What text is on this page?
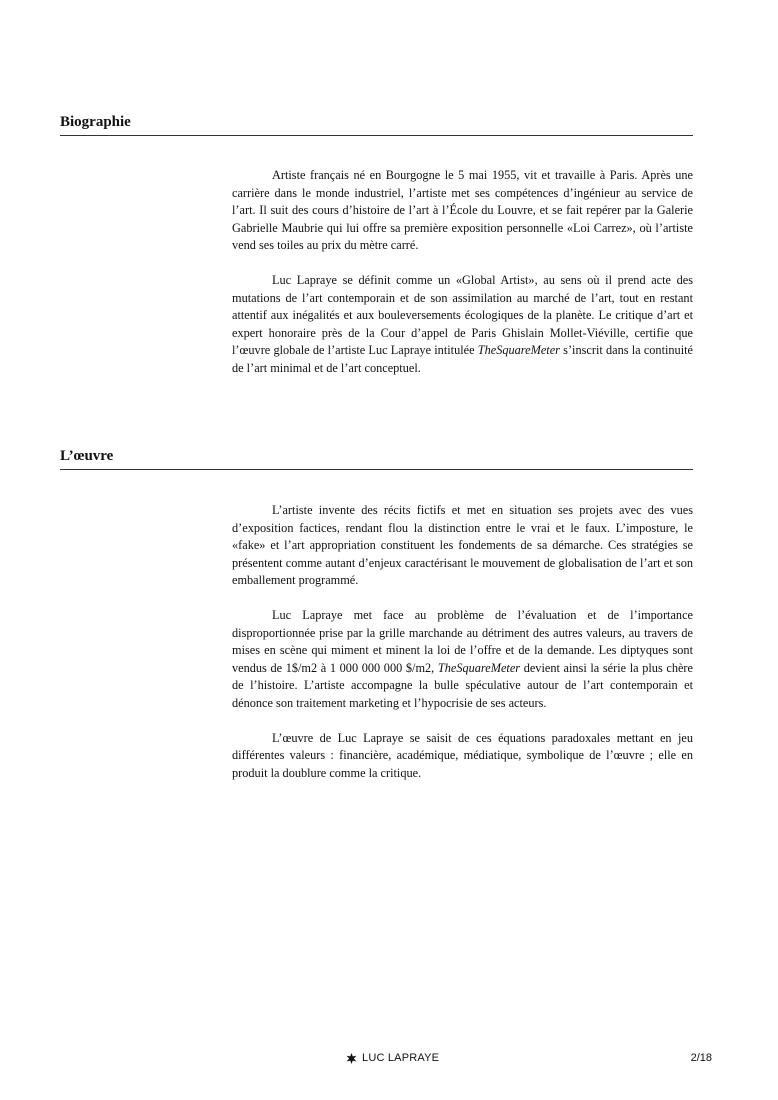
Biographie

Artiste français né en Bourgogne le 5 mai 1955, vit et travaille à Paris. Après une carrière dans le monde industriel, l’artiste met ses compétences d’ingénieur au service de l’art. Il suit des cours d’histoire de l’art à l’École du Louvre, et se fait repérer par la Galerie Gabrielle Maubrie qui lui offre sa première exposition personnelle «Loi Carrez», où l’artiste vend ses toiles au prix du mètre carré.

Luc Lapraye se définit comme un «Global Artist», au sens où il prend acte des mutations de l’art contemporain et de son assimilation au marché de l’art, tout en restant attentif aux inégalités et aux bouleversements écologiques de la planète. Le critique d’art et expert honoraire près de la Cour d’appel de Paris Ghislain Mollet-Viéville, certifie que l’œuvre globale de l’artiste Luc Lapraye intitulée TheSquareMeter s’inscrit dans la continuité de l’art minimal et de l’art conceptuel.

L’œuvre

L’artiste invente des récits fictifs et met en situation ses projets avec des vues d’exposition factices, rendant flou la distinction entre le vrai et le faux. L’imposture, le «fake» et l’art appropriation constituent les fondements de sa démarche. Ces stratégies se présentent comme autant d’enjeux caractérisant le mouvement de globalisation de l’art et son emballement programmé.

Luc Lapraye met face au problème de l’évaluation et de l’importance disproportionnée prise par la grille marchande au détriment des autres valeurs, au travers de mises en scène qui miment et minent la loi de l’offre et de la demande. Les diptyques sont vendus de 1$/m2 à 1 000 000 000 $/m2, TheSquareMeter devient ainsi la série la plus chère de l’histoire. L’artiste accompagne la bulle spéculative autour de l’art contemporain et dénonce son traitement marketing et l’hypocrisie de ses acteurs.

L’œuvre de Luc Lapraye se saisit de ces équations paradoxales mettant en jeu différentes valeurs : financière, académique, médiatique, symbolique de l’œuvre ; elle en produit la doublure comme la critique.

LUC LAPRAYE	2/18
